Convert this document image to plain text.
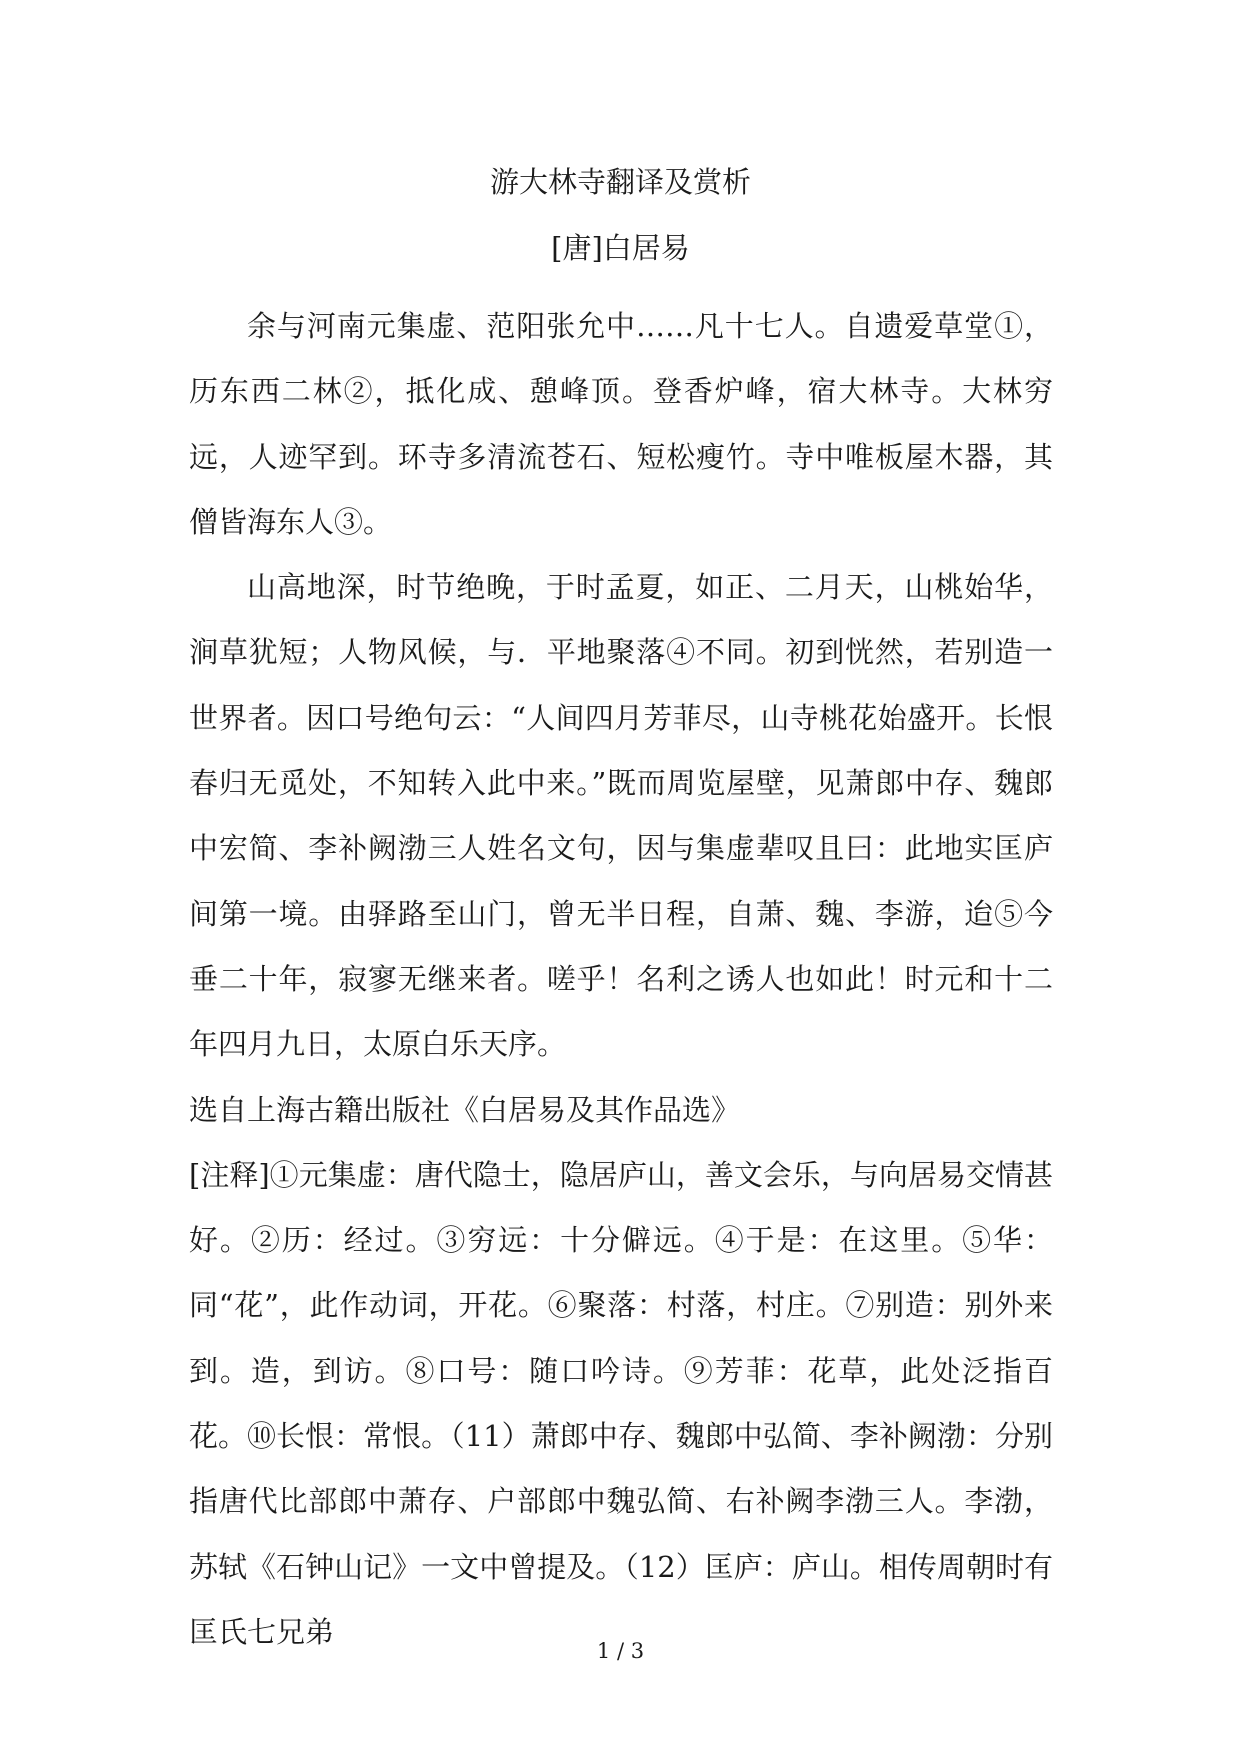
游大林寺翻译及赏析
[唐]白居易

余与河南元集虚、范阳张允中……凡十七人。自遗爱草堂①，历东西二林②，抵化成、憩峰顶。登香炉峰，宿大林寺。大林穷远，人迹罕到。环寺多清流苍石、短松瘦竹。寺中唯板屋木器，其僧皆海东人③。

山高地深，时节绝晚，于时孟夏，如正、二月天，山桃始华，涧草犹短；人物风候，与．平地聚落④不同。初到恍然，若别造一世界者。因口号绝句云：“人间四月芳菲尽，山寺桃花始盛开。长恨春归无觅处，不知转入此中来。”既而周览屋壁，见萧郎中存、魏郎中宏简、李补阙渤三人姓名文句，因与集虚辈叹且曰：此地实匡庐间第一境。由驿路至山门，曾无半日程，自萧、魏、李游，迨⑤今垂二十年，寂寥无继来者。嗟乎！名利之诱人也如此！时元和十二年四月九日，太原白乐天序。

选自上海古籍出版社《白居易及其作品选》

[注释]①元集虚：唐代隐士，隐居庐山，善文会乐，与向居易交情甚好。②历：经过。③穷远：十分僻远。④于是：在这里。⑤华：同“花”，此作动词，开花。⑥聚落：村落，村庄。⑦别造：别外来到。造，到访。⑧口号：随口吟诗。⑨芳菲：花草，此处泛指百花。⑩长恨：常恨。（11）萧郎中存、魏郎中弘简、李补阙渤：分别指唐代比部郎中萧存、户部郎中魏弘简、右补阙李渤三人。李渤，苏轼《石钟山记》一文中曾提及。（12）匡庐：庐山。相传周朝时有匡氏七兄弟

1 / 3
